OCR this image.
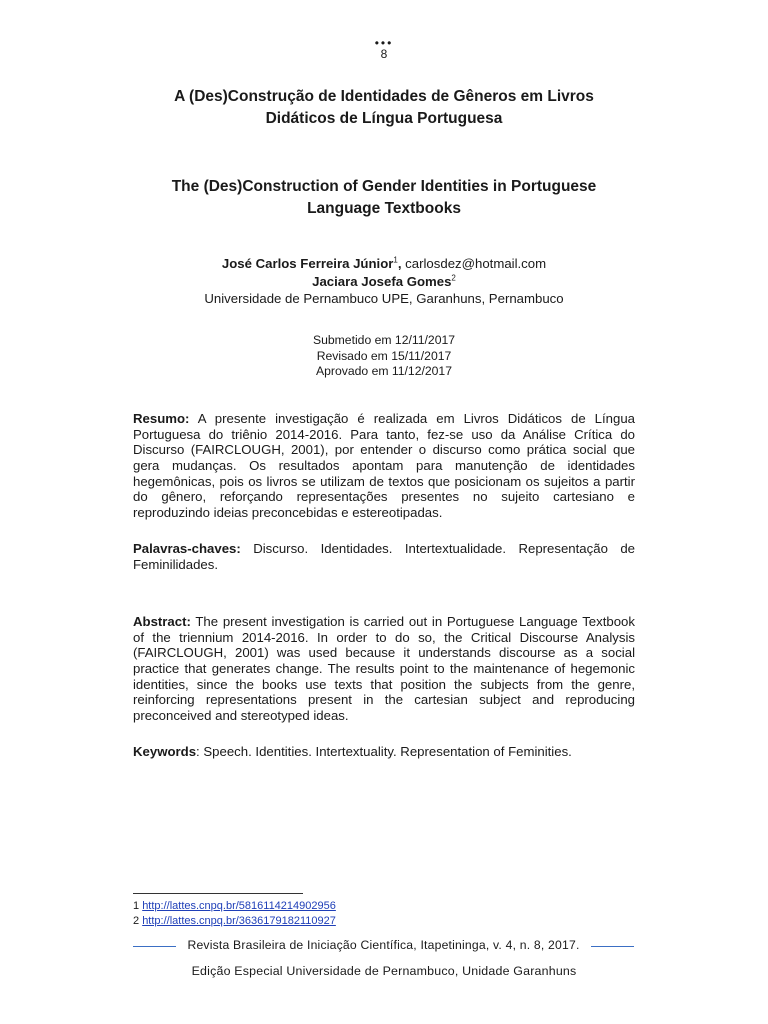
•••
8
A (Des)Construção de Identidades de Gêneros em Livros
Didáticos de Língua Portuguesa
The (Des)Construction of Gender Identities in Portuguese
Language Textbooks
José Carlos Ferreira Júnior$^1$, carlosdez@hotmail.com
Jaciara Josefa Gomes$^2$
Universidade de Pernambuco UPE, Garanhuns, Pernambuco
Submetido em 12/11/2017
Revisado em 15/11/2017
Aprovado em 11/12/2017

Resumo: A presente investigação é realizada em Livros Didáticos de Língua Portuguesa do triênio 2014-2016. Para tanto, fez-se uso da Análise Crítica do Discurso (FAIRCLOUGH, 2001), por entender o discurso como prática social que gera mudanças. Os resultados apontam para manutenção de identidades hegemônicas, pois os livros se utilizam de textos que posicionam os sujeitos a partir do gênero, reforçando representações presentes no sujeito cartesiano e reproduzindo ideias preconcebidas e estereotipadas.

Palavras-chaves: Discurso. Identidades. Intertextualidade. Representação de Feminilidades.

Abstract: The present investigation is carried out in Portuguese Language Textbook of the triennium 2014-2016. In order to do so, the Critical Discourse Analysis (FAIRCLOUGH, 2001) was used because it understands discourse as a social practice that generates change. The results point to the maintenance of hegemonic identities, since the books use texts that position the subjects from the genre, reinforcing representations present in the cartesian subject and reproducing preconceived and stereotyped ideas.

Keywords: Speech. Identities. Intertextuality. Representation of Feminities.

1 http://lattes.cnpq.br/5816114214902956
2 http://lattes.cnpq.br/3636179182110927
Revista Brasileira de Iniciação Científica, Itapetininga, v. 4, n. 8, 2017.
Edição Especial Universidade de Pernambuco, Unidade Garanhuns
